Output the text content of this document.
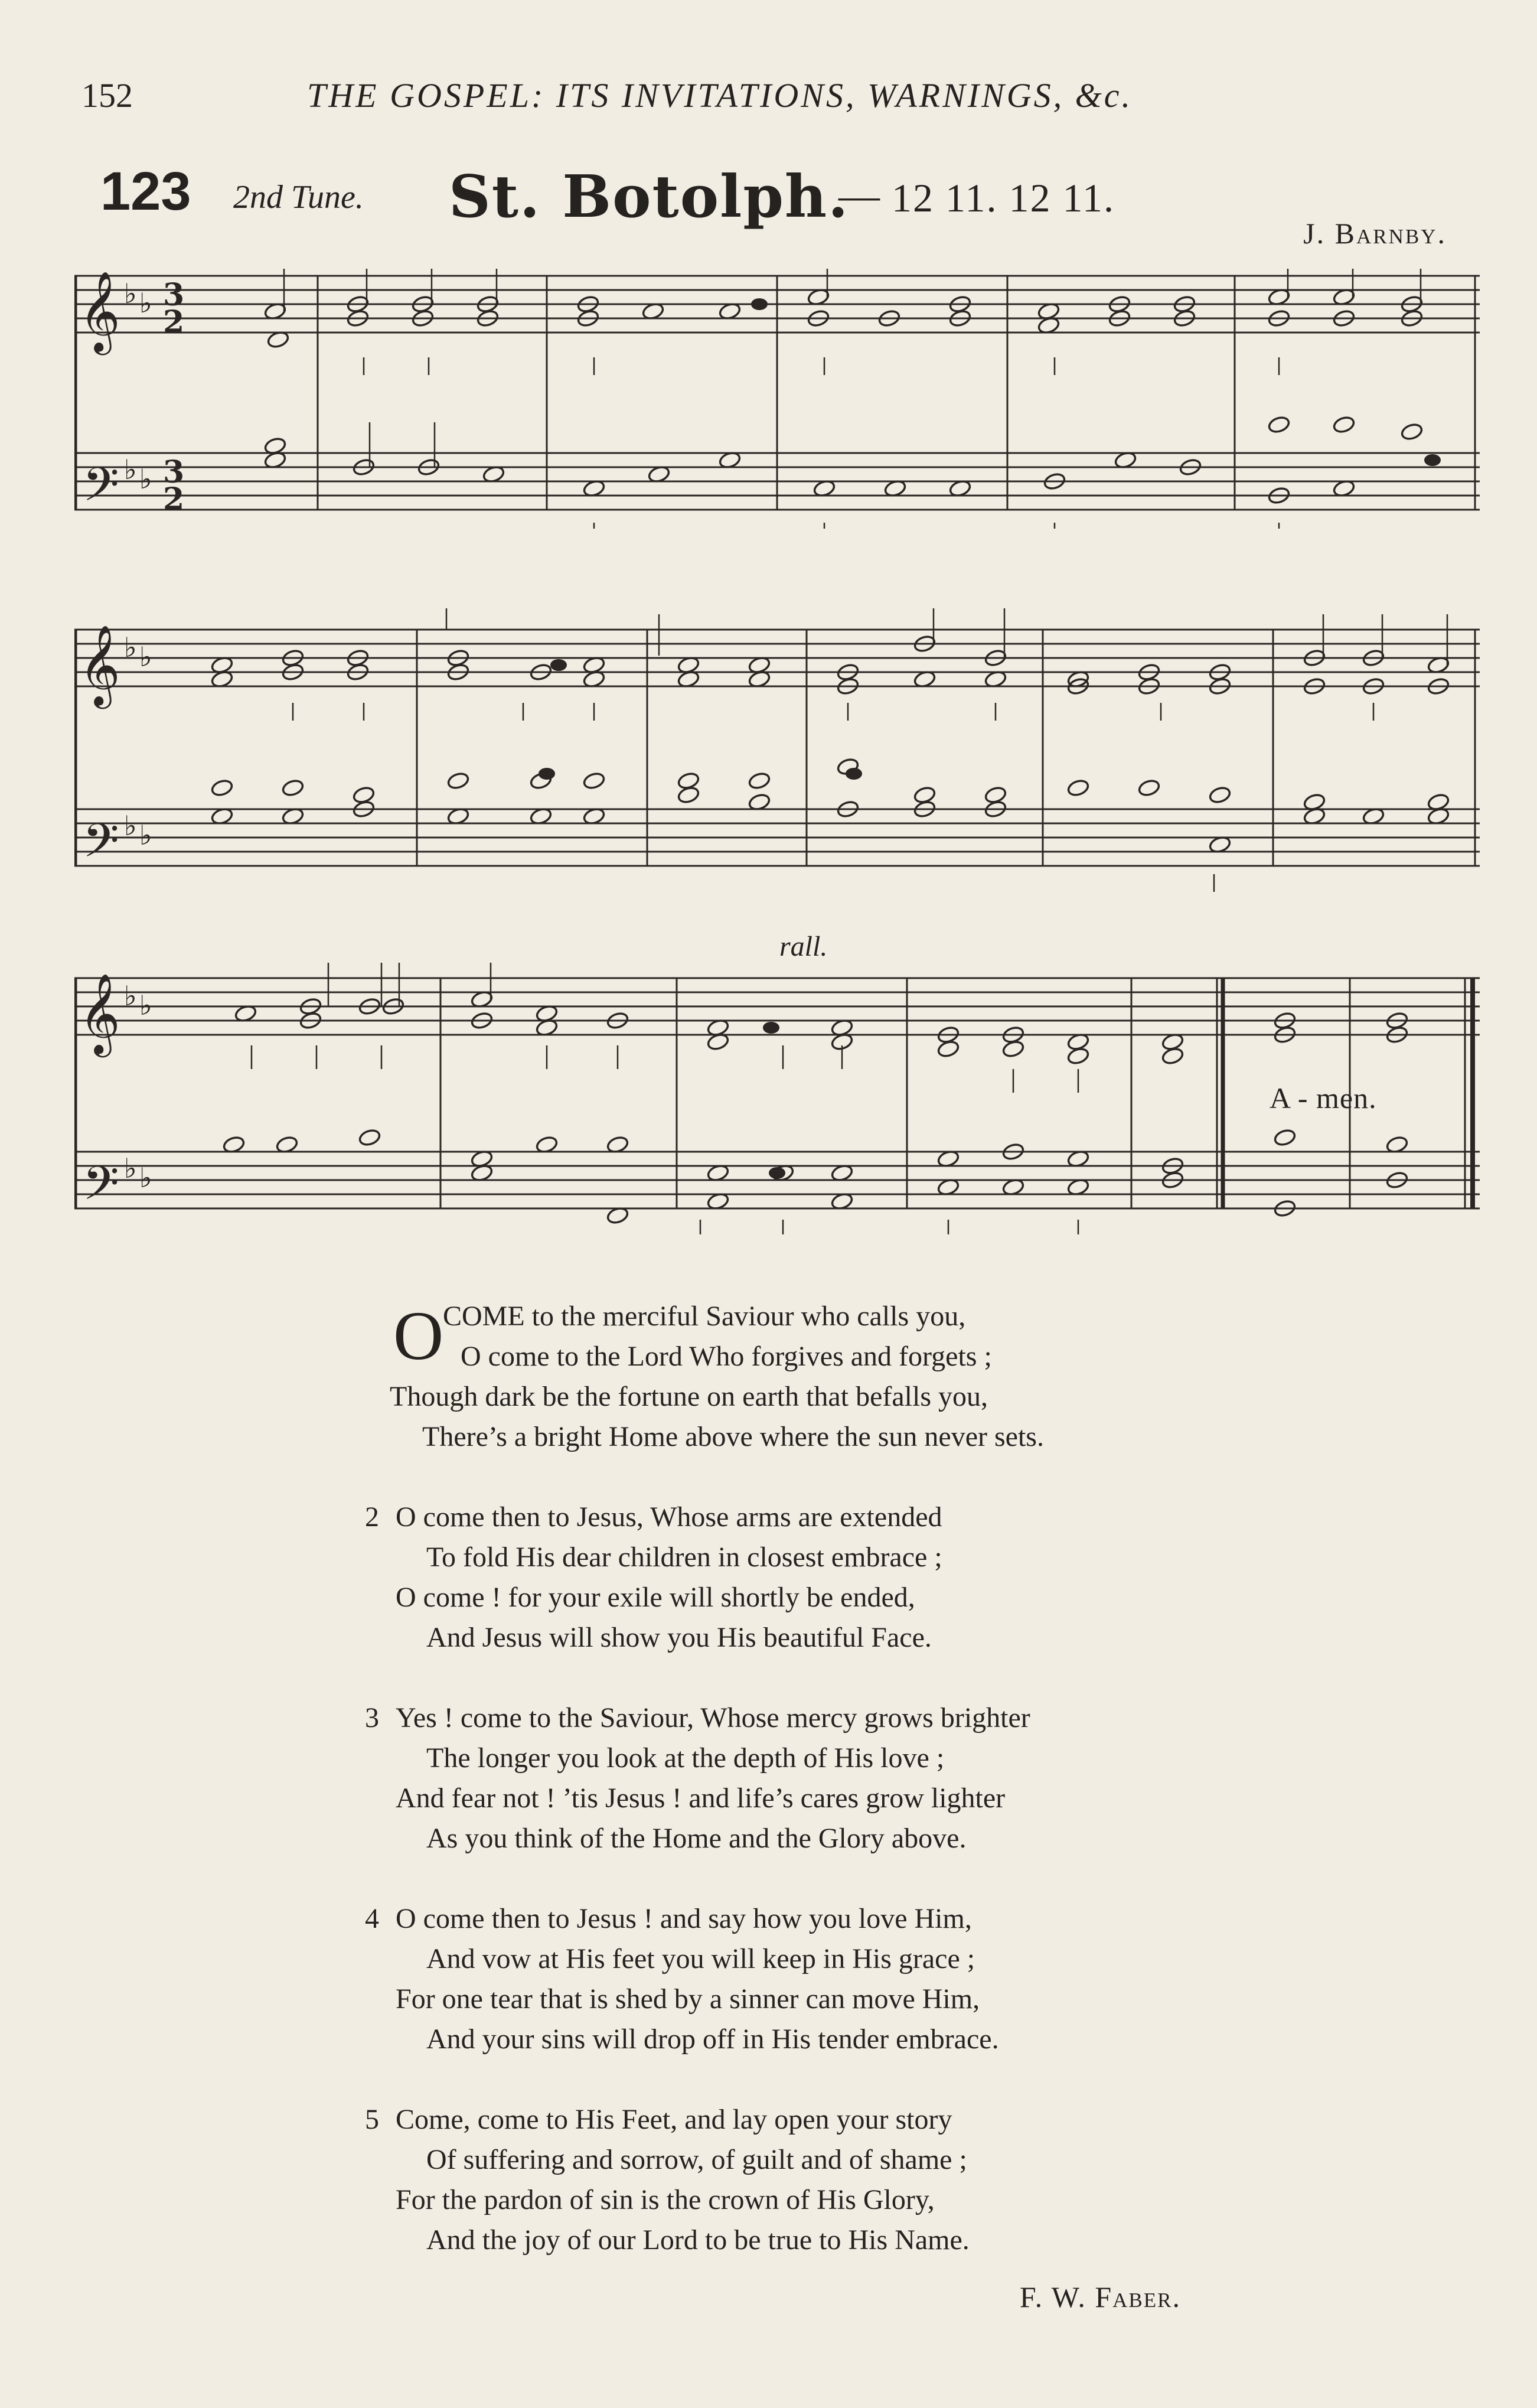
152	THE GOSPEL: ITS INVITATIONS, WARNINGS, &c.
123 2nd Tune. St. Botolph.
— 12 11. 12 11.
J. Barnby.
𝄞
𝄢
♭ ♭
♭ ♭
3
2
3
2
𝄞
𝄢
♭ ♭
♭ ♭
𝄞
𝄢
♭ ♭
♭ ♭
rall.
A - men.
O
COME to the merciful Saviour who calls you,
O come to the Lord Who forgives and forgets ;
Though dark be the fortune on earth that befalls you,
There’s a bright Home above where the sun never sets.
2 O come then to Jesus, Whose arms are extended
To fold His dear children in closest embrace ;
O come ! for your exile will shortly be ended,
And Jesus will show you His beautiful Face.
3 Yes ! come to the Saviour, Whose mercy grows brighter
The longer you look at the depth of His love ;
And fear not ! ’tis Jesus ! and life’s cares grow lighter
As you think of the Home and the Glory above.
4 O come then to Jesus ! and say how you love Him,
And vow at His feet you will keep in His grace ;
For one tear that is shed by a sinner can move Him,
And your sins will drop off in His tender embrace.
5 Come, come to His Feet, and lay open your story
Of suffering and sorrow, of guilt and of shame ;
For the pardon of sin is the crown of His Glory,
And the joy of our Lord to be true to His Name.
F. W. Faber.
